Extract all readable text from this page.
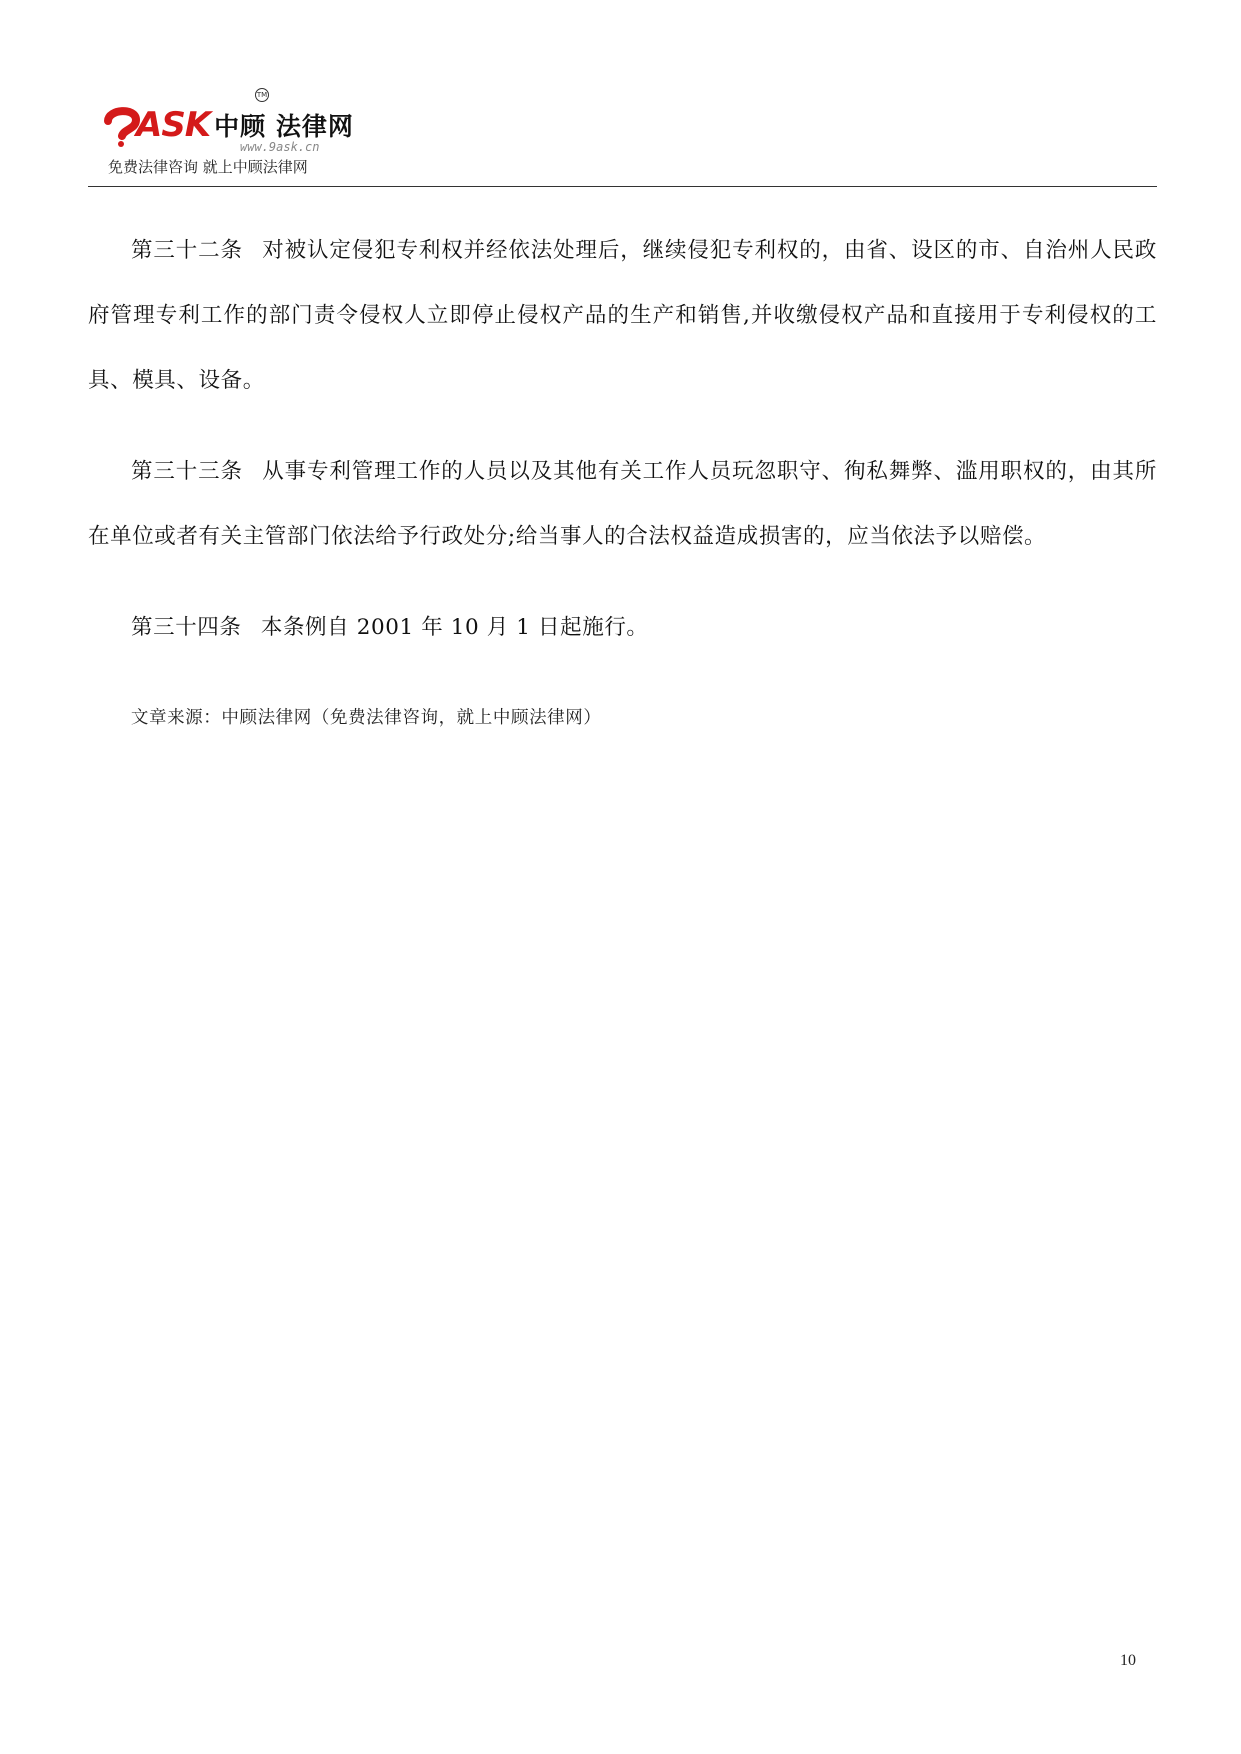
ASK 中顾 法律网
TM
www.9ask.cn
免费法律咨询 就上中顾法律网

第三十二条 对被认定侵犯专利权并经依法处理后，继续侵犯专利权的，由省、设区的市、自治州人民政府管理专利工作的部门责令侵权人立即停止侵权产品的生产和销售,并收缴侵权产品和直接用于专利侵权的工具、模具、设备。

第三十三条 从事专利管理工作的人员以及其他有关工作人员玩忽职守、徇私舞弊、滥用职权的，由其所在单位或者有关主管部门依法给予行政处分;给当事人的合法权益造成损害的，应当依法予以赔偿。

第三十四条 本条例自 2001 年 10 月 1 日起施行。

文章来源：中顾法律网（免费法律咨询，就上中顾法律网）

10
